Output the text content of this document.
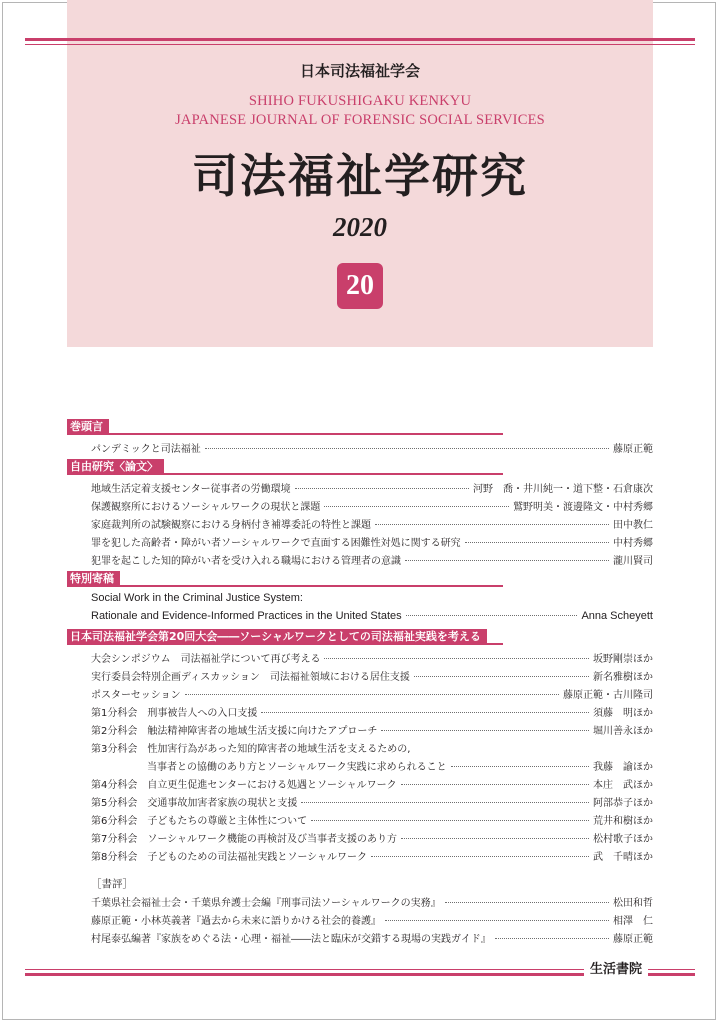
日本司法福祉学会
SHIHO FUKUSHIGAKU KENKYU
JAPANESE JOURNAL OF FORENSIC SOCIAL SERVICES
司法福祉学研究
2020
20
巻頭言
パンデミックと司法福祉	藤原正範
自由研究〈論文〉
地域生活定着支援センター従事者の労働環境	河野　喬・井川純一・道下整・石倉康次
保護観察所におけるソーシャルワークの現状と課題	鷲野明美・渡邊隆文・中村秀郷
家庭裁判所の試験観察における身柄付き補導委託の特性と課題	田中教仁
罪を犯した高齢者・障がい者ソーシャルワークで直面する困難性対処に関する研究	中村秀郷
犯罪を起こした知的障がい者を受け入れる職場における管理者の意識	瀧川賢司
特別寄稿
Social Work in the Criminal Justice System:
Rationale and Evidence-Informed Practices in the United States	Anna Scheyett
日本司法福祉学会第20回大会――ソーシャルワークとしての司法福祉実践を考える
大会シンポジウム　 司法福祉学について再び考える	坂野剛崇ほか
実行委員会特別企画ディスカッション　 司法福祉領域における居住支援	新名雅樹ほか
ポスターセッション	藤原正範・古川隆司
第1分科会　 刑事被告人への入口支援	須藤　明ほか
第2分科会　 触法精神障害者の地域生活支援に向けたアプローチ	堀川善永ほか
第3分科会　 性加害行為があった知的障害者の地域生活を支えるための,
当事者との協働のあり方とソーシャルワーク実践に求められること	我藤　諭ほか
第4分科会　 自立更生促進センターにおける処遇とソーシャルワーク	本庄　武ほか
第5分科会　 交通事故加害者家族の現状と支援	阿部恭子ほか
第6分科会　 子どもたちの尊厳と主体性について	荒井和樹ほか
第7分科会　 ソーシャルワーク機能の再検討及び当事者支援のあり方	松村歌子ほか
第8分科会　 子どものための司法福祉実践とソーシャルワーク	武　千晴ほか
［書評］
千葉県社会福祉士会・千葉県弁護士会編『刑事司法ソーシャルワークの実務』	松田和哲
藤原正範・小林英義著『過去から未来に語りかける社会的養護』	相澤　仁
村尾泰弘編著『家族をめぐる法・心理・福祉――法と臨床が交錯する現場の実践ガイド』	藤原正範
生活書院
